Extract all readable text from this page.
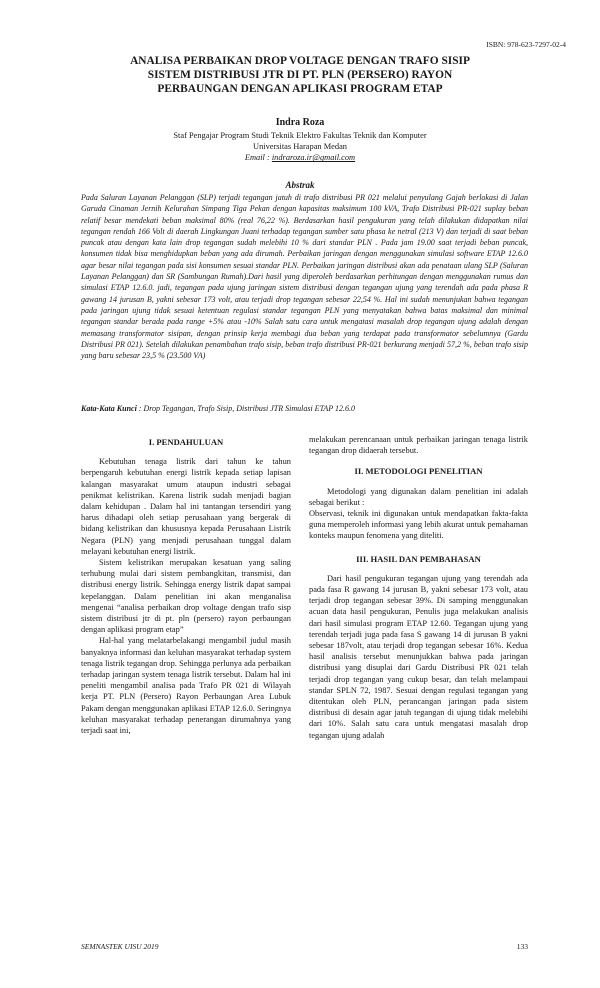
ISBN: 978-623-7297-02-4
ANALISA PERBAIKAN DROP VOLTAGE DENGAN TRAFO SISIP
SISTEM DISTRIBUSI JTR DI PT. PLN (PERSERO) RAYON
PERBAUNGAN DENGAN APLIKASI PROGRAM ETAP
Indra Roza
Staf Pengajar Program Studi Teknik Elektro Fakultas Teknik dan Komputer
Universitas Harapan Medan
Email : indraroza.ir@gmail.com
Abstrak
Pada Saluran Layanan Pelanggan (SLP) terjadi tegangan jatuh di trafo distribusi PR 021 melalui penyulang Gajah berlokasi di Jalan Garuda Cinaman Jernih Kelurahan Simpang Tiga Pekan dengan kapasitas maksimum 100 kVA, Trafo Distribusi PR-021 suplay beban relatif besar mendekati beban maksimal 80% (real 76,22 %). Berdasarkan hasil pengukuran yang telah dilakukan didapatkan nilai tegangan rendah 166 Volt di daerah Lingkungan Juani terhadap tegangan sumber satu phasa ke netral (213 V) dan terjadi di saat beban puncak atau dengan kata lain drop tegangan sudah melebihi 10 % dari standar PLN . Pada jam 19.00 saat terjadi beban puncak, konsumen tidak bisa menghidupkan beban yang ada dirumah. Perbaikan jaringan dengan menggunakan simulasi software ETAP 12.6.0 agar besar nilai tegangan pada sisi konsumen sesuai standar PLN. Perbaikan jaringan distribusi akan ada penataan ulang SLP (Saluran Layanan Pelanggan) dan SR (Sambungan Rumah).Dari hasil yang diperoleh berdasarkan perhitungan dengan menggunakan rumus dan simulasi ETAP 12.6.0. jadi, tegangan pada ujung jaringan sistem distribusi dengan tegangan ujung yang terendah ada pada phasa R gawang 14 jurusan B, yakni sebesar 173 volt, atau terjadi drop tegangan sebesar 22,54 %. Hal ini sudah menunjukan bahwa tegangan pada jaringan ujung tidak sesuai ketentuan regulasi standar tegangan PLN yang menyatakan bahwa batas maksimal dan minimal tegangan standar berada pada range +5% atau -10% Salah satu cara untuk mengatasi masalah drop tegangan ujung adalah dengan memasang transformator sisipan, dengan prinsip kerja membagi dua beban yang terdapat pada transformator sebelumnya (Gardu Distribusi PR 021). Setelah dilakukan penambahan trafo sisip, beban trafo distribusi PR-021 berkurang menjadi 57,2 %, beban trafo sisip yang baru sebesar 23,5 % (23.500 VA)
Kata-Kata Kunci : Drop Tegangan, Trafo Sisip, Distribusi JTR Simulasi ETAP 12.6.0
I. PENDAHULUAN

Kebutuhan tenaga listrik dari tahun ke tahun berpengaruh kebutuhan energi listrik kepada setiap lapisan kalangan masyarakat umum ataupun industri sebagai penikmat kelistrikan. Karena listrik sudah menjadi bagian dalam kehidupan . Dalam hal ini tantangan tersendiri yang harus dihadapi oleh setiap perusahaan yang bergerak di bidang kelistrikan dan khususnya kepada Perusahaan Listrik Negara (PLN) yang menjadi perusahaan tunggal dalam melayani kebutuhan energi listrik.

Sistem kelistrikan merupakan kesatuan yang saling terhubung mulai dari sistem pembangkitan, transmisi, dan distribusi energy listrik. Sehingga energy listrik dapat sampai kepelanggan. Dalam penelitian ini akan menganalisa mengenai “analisa perbaikan drop voltage dengan trafo sisp sistem distribusi jtr di pt. pln (persero) rayon perbaungan dengan aplikasi program etap”

Hal-hal yang melatarbelakangi mengambil judul masih banyaknya informasi dan keluhan masyarakat terhadap system tenaga listrik tegangan drop. Sehingga perlunya ada perbaikan terhadap jaringan system tenaga listrik tersebut. Dalam hal ini peneliti mengambil analisa pada Trafo PR 021 di Wilayah kerja PT. PLN (Persero) Rayon Perbaungan Area Lubuk Pakam dengan menggunakan aplikasi ETAP 12.6.0. Seringnya keluhan masyarakat terhadap penerangan dirumahnya yang terjadi saat ini,

melakukan perencanaan untuk perbaikan jaringan tenaga listrik tegangan drop didaerah tersebut.

II. METODOLOGI PENELITIAN

Metodologi yang digunakan dalam penelitian ini adalah sebagai berikut :

Observasi, teknik ini digunakan untuk mendapatkan fakta-fakta guna memperoleh informasi yang lebih akurat untuk pemahaman konteks maupun fenomena yang diteliti.

III. HASIL DAN PEMBAHASAN

Dari hasil pengukuran tegangan ujung yang terendah ada pada fasa R gawang 14 jurusan B, yakni sebesar 173 volt, atau terjadi drop tegangan sebesar 39%. Di samping menggunakan acuan data hasil pengukuran, Penulis juga melakukan analisis dari hasil simulasi program ETAP 12.60. Tegangan ujung yang terendah terjadi juga pada fasa S gawang 14 di jurusan B yakni sebesar 187volt, atau terjadi drop tegangan sebesar 16%. Kedua hasil analisis tersebut menunjukkan bahwa pada jaringan distribusi yang disuplai dari Gardu Distribusi PR 021 telah terjadi drop tegangan yang cukup besar, dan telah melampaui standar SPLN 72, 1987. Sesuai dengan regulasi tegangan yang ditentukan oleh PLN, perancangan jaringan pada sistem distribusi di desain agar jatuh tegangan di ujung tidak melebihi dari 10%. Salah satu cara untuk mengatasi masalah drop tegangan ujung adalah

SEMNASTEK UISU 2019	133
